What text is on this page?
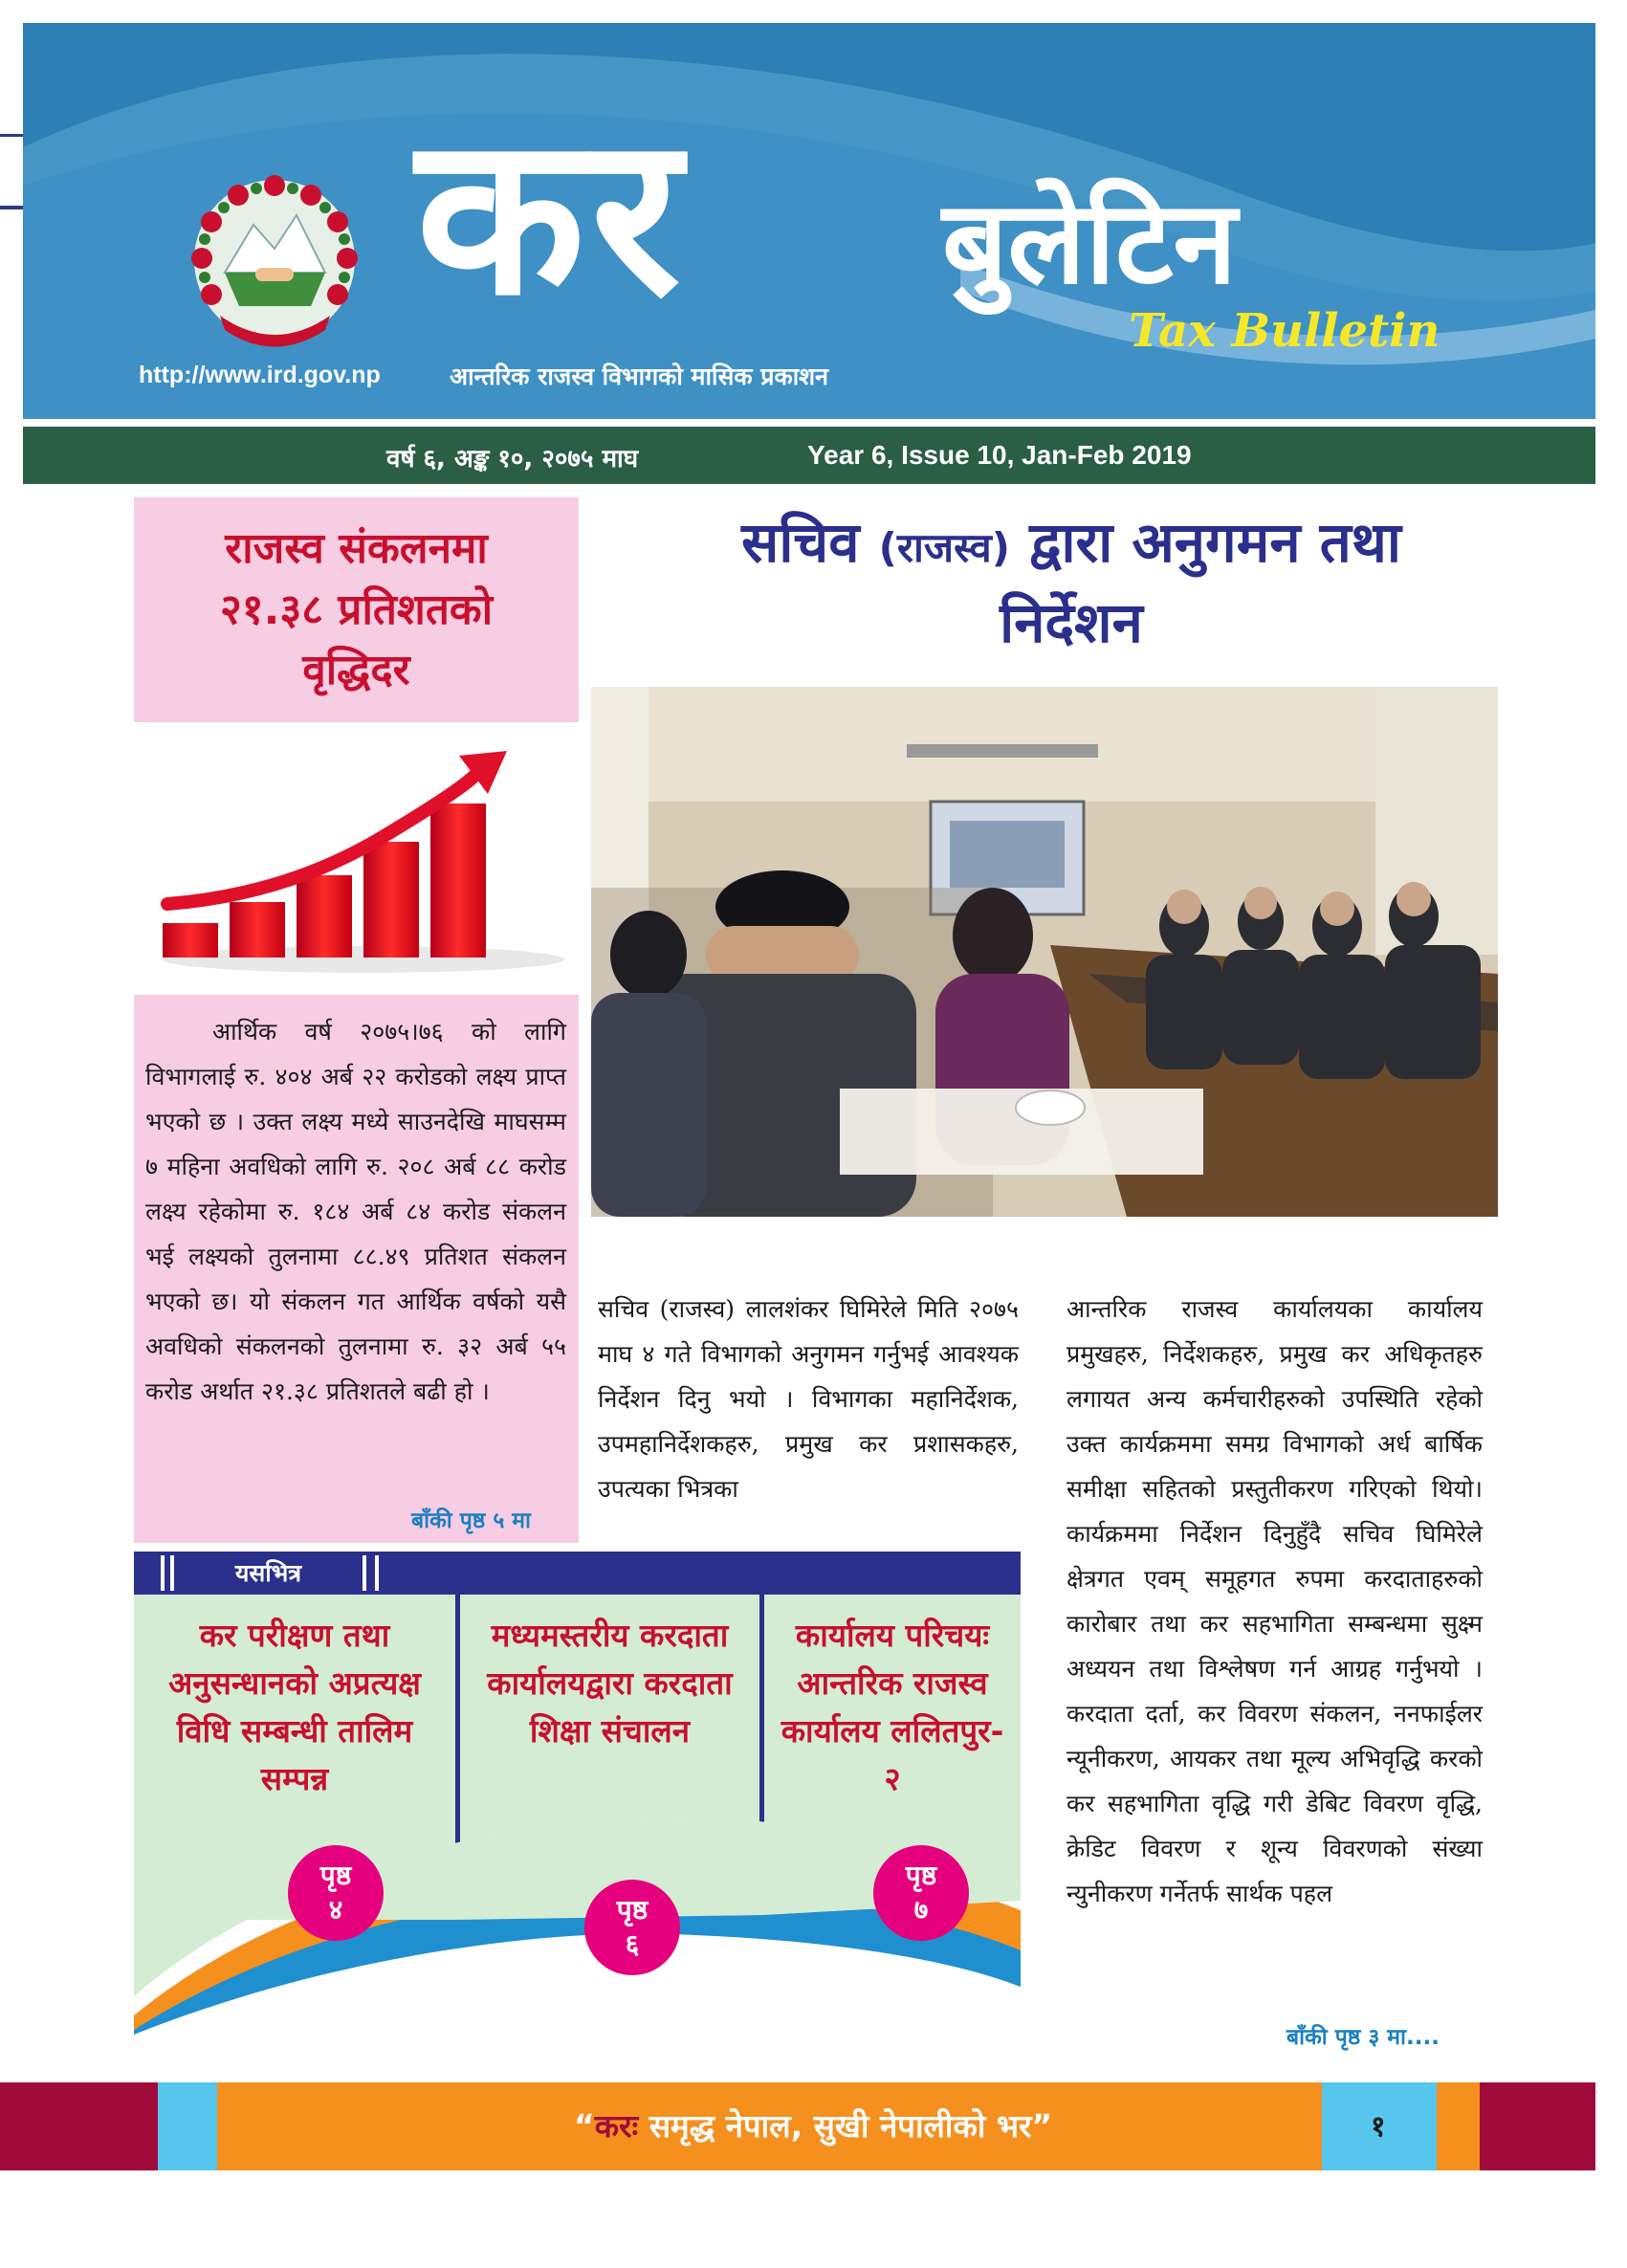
कर बुलेटिन
Tax Bulletin
http://www.ird.gov.np	आन्तरिक राजस्व विभागको मासिक प्रकाशन
वर्ष ६, अङ्क १०, २०७५ माघ	Year 6, Issue 10, Jan-Feb 2019
राजस्व संकलनमा
२१.३८ प्रतिशतको
वृद्धिदर
आर्थिक वर्ष २०७५।७६ को लागि विभागलाई रु. ४०४ अर्ब २२ करोडको लक्ष्य प्राप्त भएको छ । उक्त लक्ष्य मध्ये साउनदेखि माघसम्म ७ महिना अवधिको लागि रु. २०८ अर्ब ८८ करोड लक्ष्य रहेकोमा रु. १८४ अर्ब ८४ करोड संकलन भई लक्ष्यको तुलनामा ८८.४९ प्रतिशत संकलन भएको छ। यो संकलन गत आर्थिक वर्षको यसै अवधिको संकलनको तुलनामा रु. ३२ अर्ब ५५ करोड अर्थात २१.३८ प्रतिशतले बढी हो ।
बाँकी पृष्ठ ५ मा
सचिव (राजस्व) द्वारा अनुगमन तथा
निर्देशन
सचिव (राजस्व) लालशंकर घिमिरेले मिति २०७५ माघ ४ गते विभागको अनुगमन गर्नुभई आवश्यक निर्देशन दिनु भयो । विभागका महानिर्देशक, उपमहानिर्देशकहरु, प्रमुख कर प्रशासकहरु, उपत्यका भित्रका
आन्तरिक राजस्व कार्यालयका कार्यालय प्रमुखहरु, निर्देशकहरु, प्रमुख कर अधिकृतहरु लगायत अन्य कर्मचारीहरुको उपस्थिति रहेको उक्त कार्यक्रममा समग्र विभागको अर्ध बार्षिक समीक्षा सहितको प्रस्तुतीकरण गरिएको थियो। कार्यक्रममा निर्देशन दिनुहुँदै सचिव घिमिरेले क्षेत्रगत एवम् समूहगत रुपमा करदाताहरुको कारोबार तथा कर सहभागिता सम्बन्धमा सुक्ष्म अध्ययन तथा विश्लेषण गर्न आग्रह गर्नुभयो । करदाता दर्ता, कर विवरण संकलन, ननफाईलर न्यूनीकरण, आयकर तथा मूल्य अभिवृद्धि करको कर सहभागिता वृद्धि गरी डेबिट विवरण वृद्धि, क्रेडिट विवरण र शून्य विवरणको संख्या न्युनीकरण गर्नेतर्फ सार्थक पहल
बाँकी पृष्ठ ३ मा....
यसभित्र
कर परीक्षण तथा अनुसन्धानको अप्रत्यक्ष विधि सम्बन्धी तालिम सम्पन्न
मध्यमस्तरीय करदाता कार्यालयद्वारा करदाता शिक्षा संचालन
कार्यालय परिचयः आन्तरिक राजस्व कार्यालय ललितपुर- २
पृष्ठ
४	पृष्ठ
६
पृष्ठ
७
“करः समृद्ध नेपाल, सुखी नेपालीको भर”	१
